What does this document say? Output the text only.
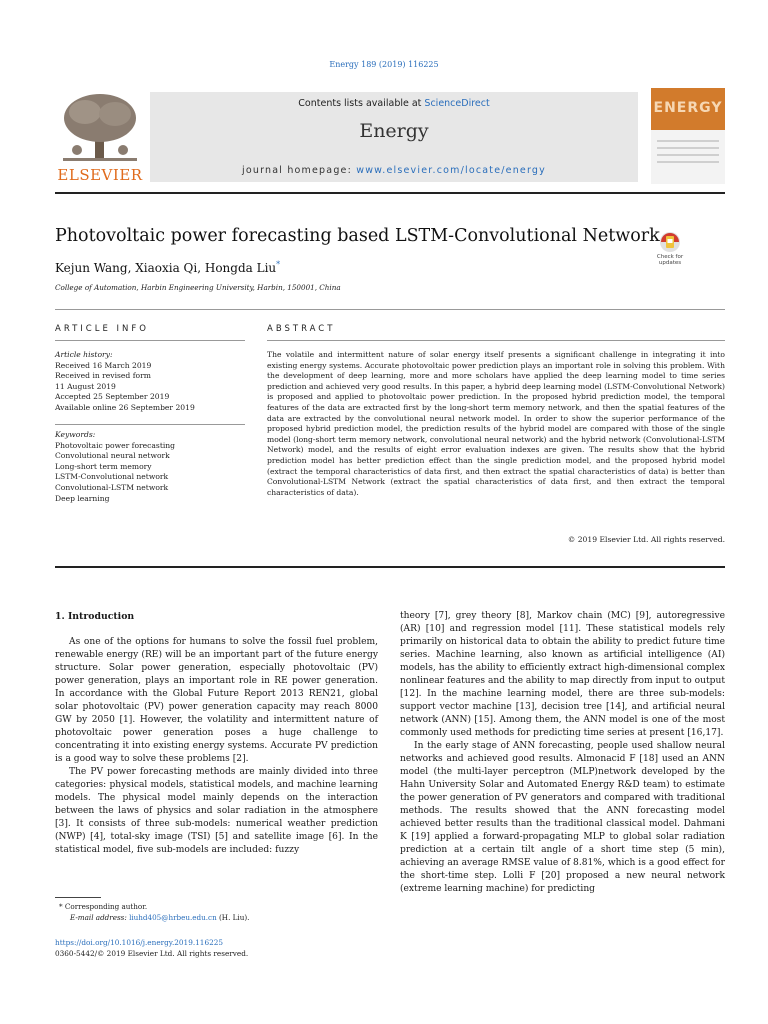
Energy 189 (2019) 116225
ELSEVIER
Contents lists available at ScienceDirect
Energy
journal homepage: www.elsevier.com/locate/energy
ENERGY
Photovoltaic power forecasting based LSTM-Convolutional Network
Check for updates
Kejun Wang, Xiaoxia Qi, Hongda Liu*
College of Automation, Harbin Engineering University, Harbin, 150001, China
ARTICLE INFO	ABSTRACT
Article history:
Received 16 March 2019
Received in revised form
11 August 2019
Accepted 25 September 2019
Available online 26 September 2019
Keywords:
Photovoltaic power forecasting
Convolutional neural network
Long-short term memory
LSTM-Convolutional network
Convolutional-LSTM network
Deep learning
The volatile and intermittent nature of solar energy itself presents a significant challenge in integrating it into existing energy systems. Accurate photovoltaic power prediction plays an important role in solving this problem. With the development of deep learning, more and more scholars have applied the deep learning model to time series prediction and achieved very good results. In this paper, a hybrid deep learning model (LSTM-Convolutional Network) is proposed and applied to photovoltaic power prediction. In the proposed hybrid prediction model, the temporal features of the data are extracted first by the long-short term memory network, and then the spatial features of the data are extracted by the convolutional neural network model. In order to show the superior performance of the proposed hybrid prediction model, the prediction results of the hybrid model are compared with those of the single model (long-short term memory network, convolutional neural network) and the hybrid network (Convolutional-LSTM Network) model, and the results of eight error evaluation indexes are given. The results show that the hybrid prediction model has better prediction effect than the single prediction model, and the proposed hybrid model (extract the temporal characteristics of data first, and then extract the spatial characteristics of data) is better than Convolutional-LSTM Network (extract the spatial characteristics of data first, and then extract the temporal characteristics of data).
© 2019 Elsevier Ltd. All rights reserved.
1. Introduction

As one of the options for humans to solve the fossil fuel problem, renewable energy (RE) will be an important part of the future energy structure. Solar power generation, especially photovoltaic (PV) power generation, plays an important role in RE power generation. In accordance with the Global Future Report 2013 REN21, global solar photovoltaic (PV) power generation capacity may reach 8000 GW by 2050 [1]. However, the volatility and intermittent nature of photovoltaic power generation poses a huge challenge to concentrating it into existing energy systems. Accurate PV prediction is a good way to solve these problems [2].

The PV power forecasting methods are mainly divided into three categories: physical models, statistical models, and machine learning models. The physical model mainly depends on the interaction between the laws of physics and solar radiation in the atmosphere [3]. It consists of three sub-models: numerical weather prediction (NWP) [4], total-sky image (TSI) [5] and satellite image [6]. In the statistical model, five sub-models are included: fuzzy

theory [7], grey theory [8], Markov chain (MC) [9], autoregressive (AR) [10] and regression model [11]. These statistical models rely primarily on historical data to obtain the ability to predict future time series. Machine learning, also known as artificial intelligence (AI) models, has the ability to efficiently extract high-dimensional complex nonlinear features and the ability to map directly from input to output [12]. In the machine learning model, there are three sub-models: support vector machine [13], decision tree [14], and artificial neural network (ANN) [15]. Among them, the ANN model is one of the most commonly used methods for predicting time series at present [16,17].

In the early stage of ANN forecasting, people used shallow neural networks and achieved good results. Almonacid F [18] used an ANN model (the multi-layer perceptron (MLP)network developed by the Hahn University Solar and Automated Energy R&D team) to estimate the power generation of PV generators and compared with traditional methods. The results showed that the ANN forecasting model achieved better results than the traditional classical model. Dahmani K [19] applied a forward-propagating MLP to global solar radiation prediction at a certain tilt angle of a short time step (5 min), achieving an average RMSE value of 8.81%, which is a good effect for the short-time step. Lolli F [20] proposed a new neural network (extreme learning machine) for predicting

* Corresponding author.
E-mail address: liuhd405@hrbeu.edu.cn (H. Liu).
https://doi.org/10.1016/j.energy.2019.116225
0360-5442/© 2019 Elsevier Ltd. All rights reserved.
